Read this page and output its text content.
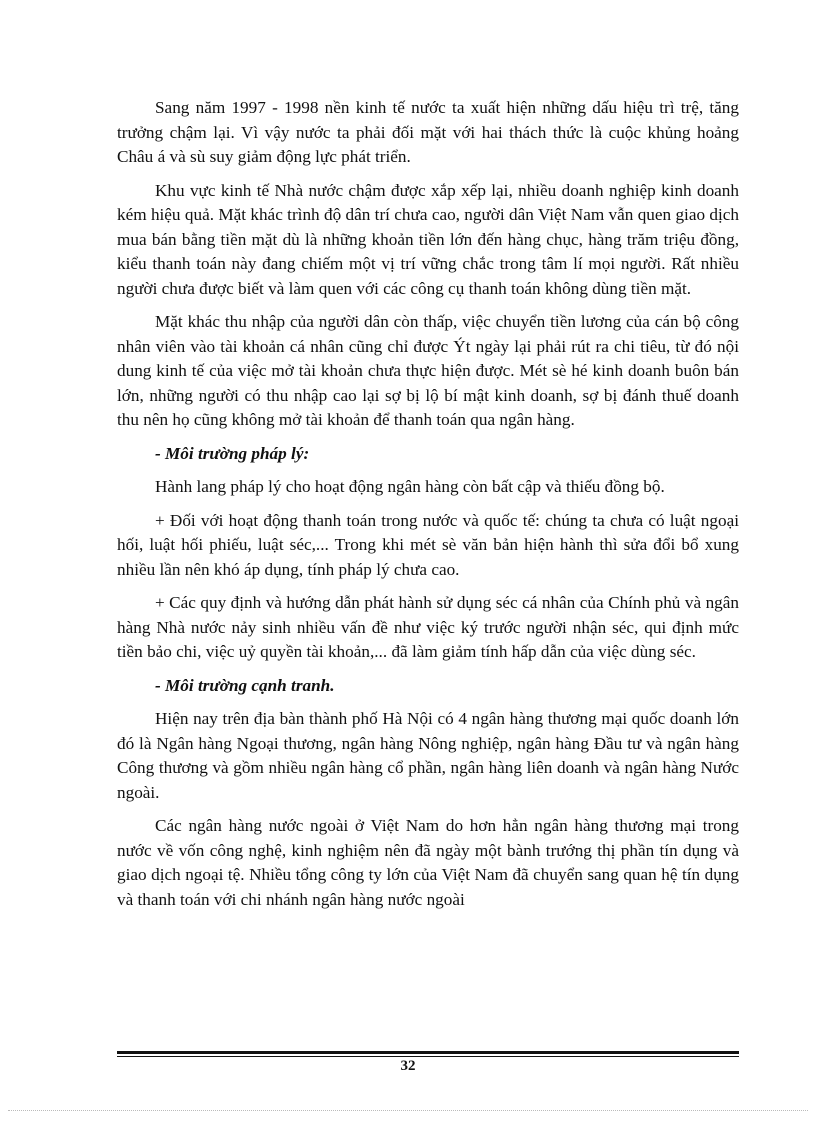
Sang năm 1997 - 1998 nền kinh tế nước ta xuất hiện những dấu hiệu trì trệ, tăng trưởng chậm lại. Vì vậy nước ta phải đối mặt với hai thách thức là cuộc khủng hoảng Châu á và sù suy giảm động lực phát triển.

Khu vực kinh tế Nhà nước chậm được xắp xếp lại, nhiều doanh nghiệp kinh doanh kém hiệu quả. Mặt khác trình độ dân trí chưa cao, người dân Việt Nam vẫn quen giao dịch mua bán bằng tiền mặt dù là những khoản tiền lớn đến hàng chục, hàng trăm triệu đồng, kiểu thanh toán này đang chiếm một vị trí vững chắc trong tâm lí mọi người. Rất nhiều người chưa được biết và làm quen với các công cụ thanh toán không dùng tiền mặt.

Mặt khác thu nhập của người dân còn thấp, việc chuyển tiền lương của cán bộ công nhân viên vào tài khoản cá nhân cũng chỉ được Ýt ngày lại phải rút ra chi tiêu, từ đó nội dung kinh tế của việc mở tài khoản chưa thực hiện được. Mét sè hé kinh doanh buôn bán lớn, những người có thu nhập cao lại sợ bị lộ bí mật kinh doanh, sợ bị đánh thuế doanh thu nên họ cũng không mở tài khoản để thanh toán qua ngân hàng.

- Môi trường pháp lý:

Hành lang pháp lý cho hoạt động ngân hàng còn bất cập và thiếu đồng bộ.

+ Đối với hoạt động thanh toán trong nước và quốc tế: chúng ta chưa có luật ngoại hối, luật hối phiếu, luật séc,... Trong khi mét sè văn bản hiện hành thì sửa đổi bổ xung nhiều lần nên khó áp dụng, tính pháp lý chưa cao.

+ Các quy định và hướng dẫn phát hành sử dụng séc cá nhân của Chính phủ và ngân hàng Nhà nước nảy sinh nhiều vấn đề như việc ký trước người nhận séc, qui định mức tiền bảo chi, việc uỷ quyền tài khoản,... đã làm giảm tính hấp dẫn của việc dùng séc.

- Môi trường cạnh tranh.

Hiện nay trên địa bàn thành phố Hà Nội có 4 ngân hàng thương mại quốc doanh lớn đó là Ngân hàng Ngoại thương, ngân hàng Nông nghiệp, ngân hàng Đầu tư và ngân hàng Công thương và gồm nhiều ngân hàng cổ phần, ngân hàng liên doanh và ngân hàng Nước ngoài.

Các ngân hàng nước ngoài ở Việt Nam do hơn hẳn ngân hàng thương mại trong nước về vốn công nghệ, kinh nghiệm nên đã ngày một bành trướng thị phần tín dụng và giao dịch ngoại tệ. Nhiều tổng công ty lớn của Việt Nam đã chuyển sang quan hệ tín dụng và thanh toán với chi nhánh ngân hàng nước ngoài

32
